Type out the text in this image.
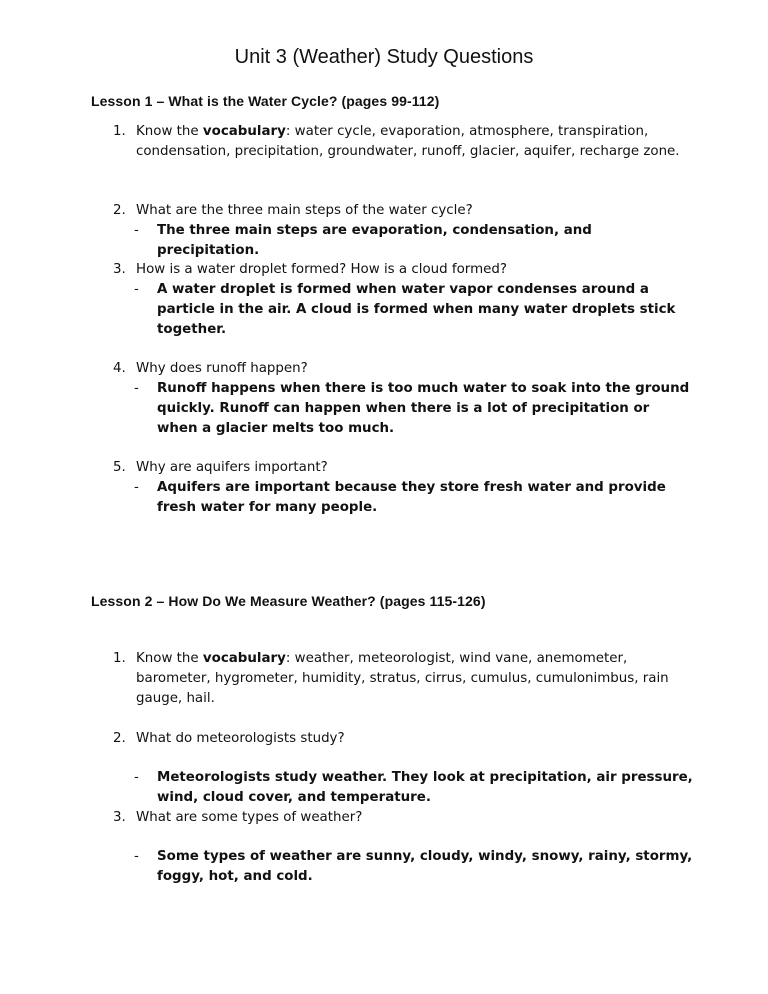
Unit 3 (Weather) Study Questions
Lesson 1 – What is the Water Cycle? (pages 99-112)
1. Know the vocabulary: water cycle, evaporation, atmosphere, transpiration, condensation, precipitation, groundwater, runoff, glacier, aquifer, recharge zone.
2. What are the three main steps of the water cycle?
- The three main steps are evaporation, condensation, and precipitation.
3. How is a water droplet formed? How is a cloud formed?
- A water droplet is formed when water vapor condenses around a particle in the air. A cloud is formed when many water droplets stick together.
4. Why does runoff happen?
- Runoff happens when there is too much water to soak into the ground quickly. Runoff can happen when there is a lot of precipitation or when a glacier melts too much.
5. Why are aquifers important?
- Aquifers are important because they store fresh water and provide fresh water for many people.
Lesson 2 – How Do We Measure Weather? (pages 115-126)
1. Know the vocabulary: weather, meteorologist, wind vane, anemometer, barometer, hygrometer, humidity, stratus, cirrus, cumulus, cumulonimbus, rain gauge, hail.
2. What do meteorologists study?
- Meteorologists study weather. They look at precipitation, air pressure, wind, cloud cover, and temperature.
3. What are some types of weather?
- Some types of weather are sunny, cloudy, windy, snowy, rainy, stormy, foggy, hot, and cold.
